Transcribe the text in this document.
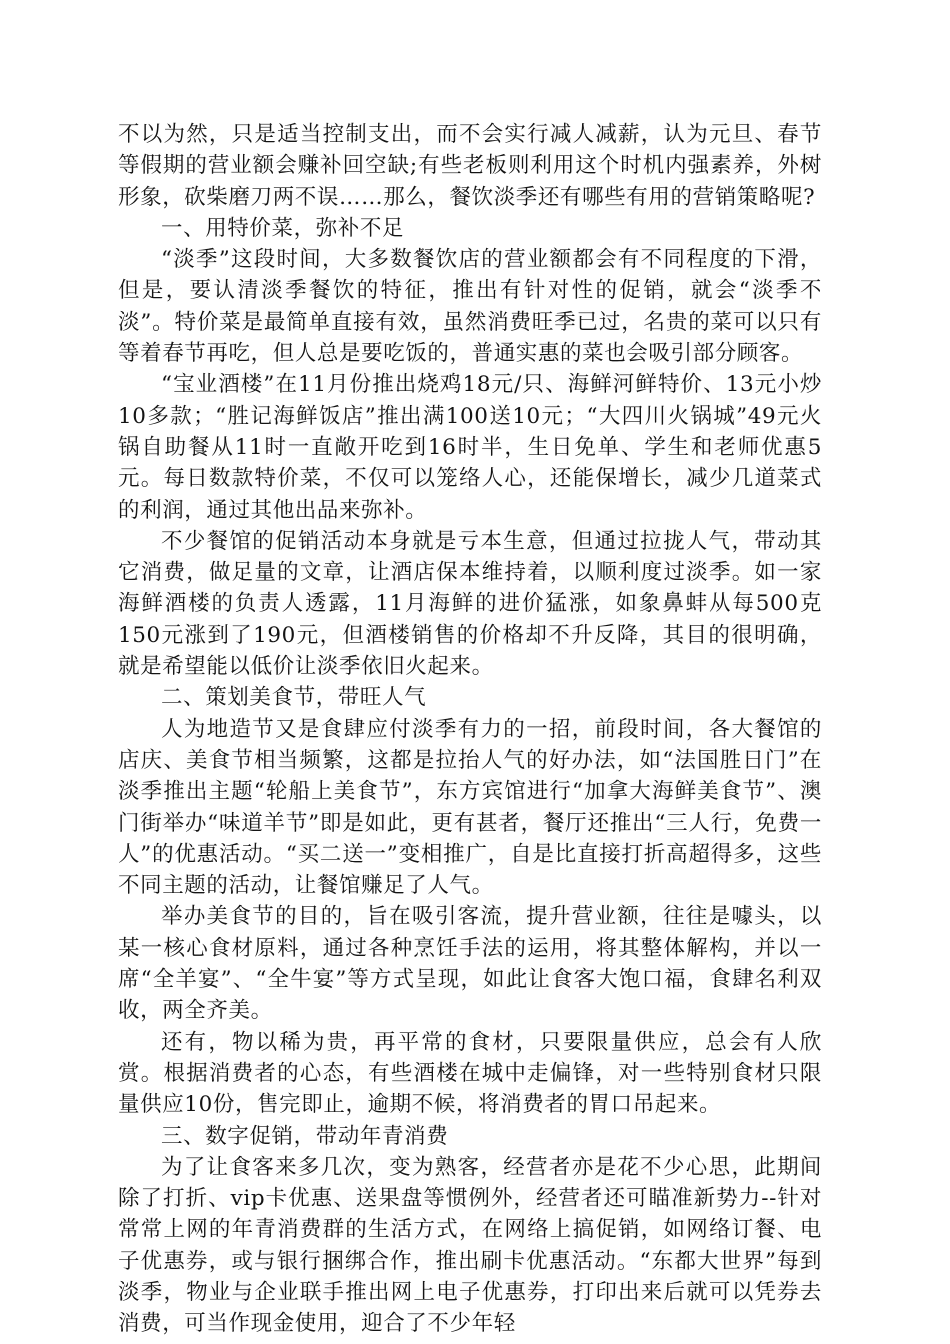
不以为然，只是适当控制支出，而不会实行减人减薪，认为元旦、春节等假期的营业额会赚补回空缺;有些老板则利用这个时机内强素养，外树形象，砍柴磨刀两不误……那么，餐饮淡季还有哪些有用的营销策略呢?

一、用特价菜，弥补不足

“淡季”这段时间，大多数餐饮店的营业额都会有不同程度的下滑，但是，要认清淡季餐饮的特征，推出有针对性的促销，就会“淡季不淡”。特价菜是最简单直接有效，虽然消费旺季已过，名贵的菜可以只有等着春节再吃，但人总是要吃饭的，普通实惠的菜也会吸引部分顾客。

“宝业酒楼”在11月份推出烧鸡18元/只、海鲜河鲜特价、13元小炒10多款；“胜记海鲜饭店”推出满100送10元；“大四川火锅城”49元火锅自助餐从11时一直敞开吃到16时半，生日免单、学生和老师优惠5元。每日数款特价菜，不仅可以笼络人心，还能保增长，减少几道菜式的利润，通过其他出品来弥补。

不少餐馆的促销活动本身就是亏本生意，但通过拉拢人气，带动其它消费，做足量的文章，让酒店保本维持着，以顺利度过淡季。如一家海鲜酒楼的负责人透露，11月海鲜的进价猛涨，如象鼻蚌从每500克150元涨到了190元，但酒楼销售的价格却不升反降，其目的很明确，就是希望能以低价让淡季依旧火起来。

二、策划美食节，带旺人气

人为地造节又是食肆应付淡季有力的一招，前段时间，各大餐馆的店庆、美食节相当频繁，这都是拉抬人气的好办法，如“法国胜日门”在淡季推出主题“轮船上美食节”，东方宾馆进行“加拿大海鲜美食节”、澳门街举办“味道羊节”即是如此，更有甚者，餐厅还推出“三人行，免费一人”的优惠活动。“买二送一”变相推广，自是比直接打折高超得多，这些不同主题的活动，让餐馆赚足了人气。

举办美食节的目的，旨在吸引客流，提升营业额，往往是噱头，以某一核心食材原料，通过各种烹饪手法的运用，将其整体解构，并以一席“全羊宴”、“全牛宴”等方式呈现，如此让食客大饱口福，食肆名利双收，两全齐美。

还有，物以稀为贵，再平常的食材，只要限量供应，总会有人欣赏。根据消费者的心态，有些酒楼在城中走偏锋，对一些特别食材只限量供应10份，售完即止，逾期不候，将消费者的胃口吊起来。

三、数字促销，带动年青消费

为了让食客来多几次，变为熟客，经营者亦是花不少心思，此期间除了打折、vip卡优惠、送果盘等惯例外，经营者还可瞄准新势力--针对常常上网的年青消费群的生活方式，在网络上搞促销，如网络订餐、电子优惠券，或与银行捆绑合作，推出刷卡优惠活动。“东都大世界”每到淡季，物业与企业联手推出网上电子优惠券，打印出来后就可以凭券去消费，可当作现金使用，迎合了不少年轻
